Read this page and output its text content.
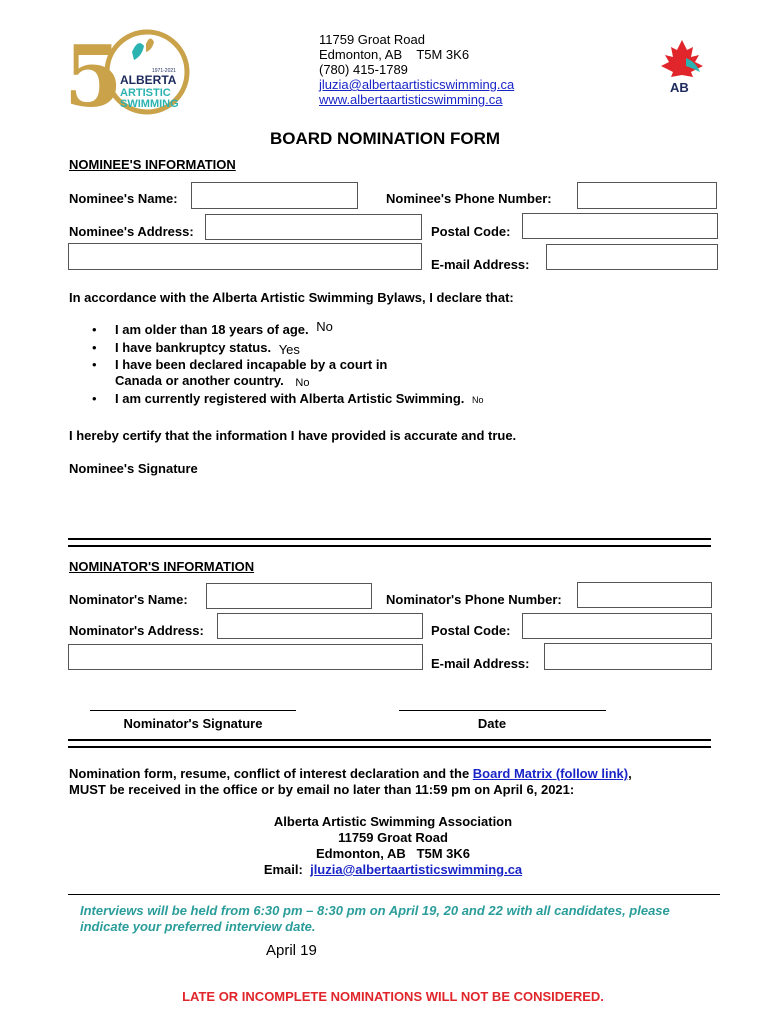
5
ALBERTA
ARTISTIC
SWIMMING
1971-2021
AB
11759 Groat Road
Edmonton, AB    T5M 3K6
(780) 415-1789
jluzia@albertaartisticswimming.ca
www.albertaartisticswimming.ca
BOARD NOMINATION FORM
NOMINEE'S INFORMATION
Nominee's Name:	Nominee's Phone Number:
Nominee's Address:	Postal Code:
E-mail Address:
In accordance with the Alberta Artistic Swimming Bylaws, I declare that:
• I am older than 18 years of age. No
• I have bankruptcy status. Yes
• I have been declared incapable by a court in
Canada or another country. No
• I am currently registered with Alberta Artistic Swimming. No
I hereby certify that the information I have provided is accurate and true.
Nominee's Signature
NOMINATOR'S INFORMATION
Nominator's Name:	Nominator's Phone Number:
Nominator's Address:	Postal Code:
E-mail Address:
Nominator's Signature	Date
Nomination form, resume, conflict of interest declaration and the Board Matrix (follow link),
MUST be received in the office or by email no later than 11:59 pm on April 6, 2021:
Alberta Artistic Swimming Association
11759 Groat Road
Edmonton, AB   T5M 3K6
Email: jluzia@albertaartisticswimming.ca
Interviews will be held from 6:30 pm – 8:30 pm on April 19, 20 and 22 with all candidates, please
indicate your preferred interview date.
April 19
LATE OR INCOMPLETE NOMINATIONS WILL NOT BE CONSIDERED.
